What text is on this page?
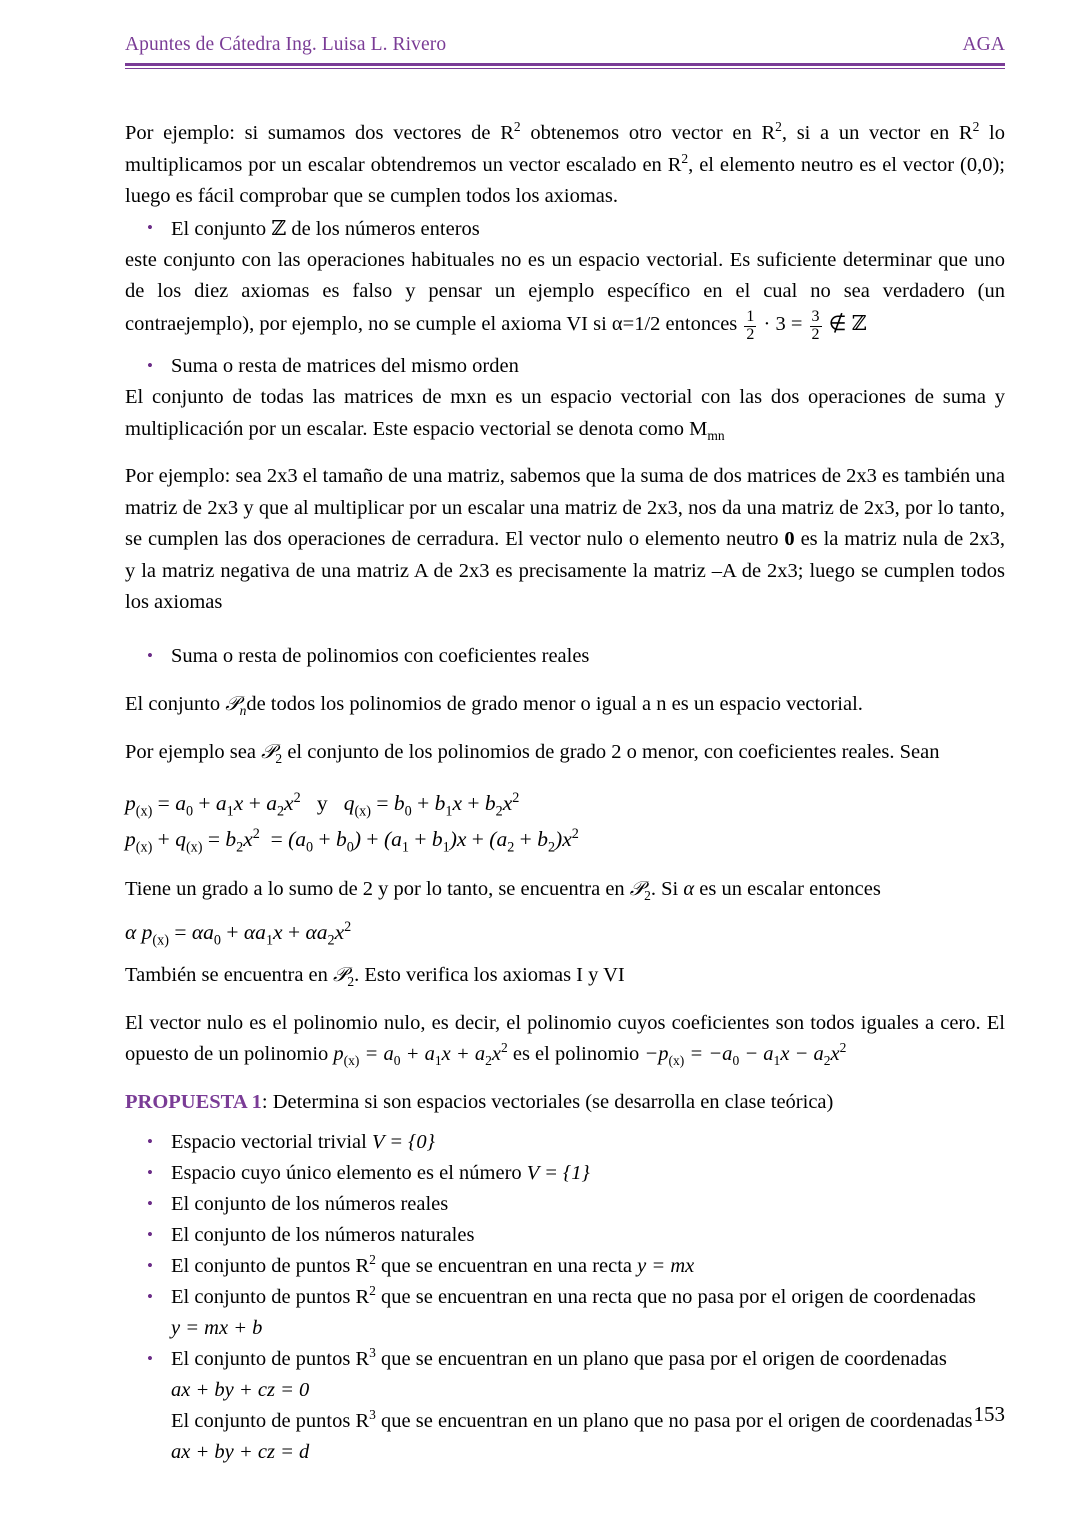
Apuntes de Cátedra Ing. Luisa L. Rivero	AGA
Por ejemplo: si sumamos dos vectores de $R^2$ obtenemos otro vector en $R^2$, si a un vector en $R^2$ lo multiplicamos por un escalar obtendremos un vector escalado en $R^2$, el elemento neutro es el vector (0,0); luego es fácil comprobar que se cumplen todos los axiomas.
• El conjunto ℤ de los números enteros
este conjunto con las operaciones habituales no es un espacio vectorial. Es suficiente determinar que uno de los diez axiomas es falso y pensar un ejemplo específico en el cual no sea verdadero (un contraejemplo), por ejemplo, no se cumple el axioma VI si α=1/2 entonces $\frac{1}{2} \cdot 3 = \frac{3}{2}$ ∉ ℤ
• Suma o resta de matrices del mismo orden
El conjunto de todas las matrices de mxn es un espacio vectorial con las dos operaciones de suma y multiplicación por un escalar. Este espacio vectorial se denota como $M_{mn}$
Por ejemplo: sea 2x3 el tamaño de una matriz, sabemos que la suma de dos matrices de 2x3 es también una matriz de 2x3 y que al multiplicar por un escalar una matriz de 2x3, nos da una matriz de 2x3, por lo tanto, se cumplen las dos operaciones de cerradura. El vector nulo o elemento neutro 0 es la matriz nula de 2x3, y la matriz negativa de una matriz A de 2x3 es precisamente la matriz –A de 2x3; luego se cumplen todos los axiomas
• Suma o resta de polinomios con coeficientes reales
El conjunto 𝒫$_n$de todos los polinomios de grado menor o igual a n es un espacio vectorial.
Por ejemplo sea 𝒫$_2$ el conjunto de los polinomios de grado 2 o menor, con coeficientes reales. Sean
$p_{(x)} = a_0 + a_1x + a_2x^2$ y   $q_{(x)} = b_0 + b_1x + b_2x^2$
$p_{(x)} + q_{(x)} = b_2x^2 = (a_0 + b_0) + (a_1 + b_1)x + (a_2 + b_2)x^2$
Tiene un grado a lo sumo de 2 y por lo tanto, se encuentra en 𝒫$_2$. Si α es un escalar entonces
α $p_{(x)} = \alpha a_0 + \alpha a_1x + \alpha a_2x^2$
También se encuentra en 𝒫$_2$. Esto verifica los axiomas I y VI
El vector nulo es el polinomio nulo, es decir, el polinomio cuyos coeficientes son todos iguales a cero. El opuesto de un polinomio $p_{(x)} = a_0 + a_1x + a_2x^2$ es el polinomio $-p_{(x)} = -a_0 - a_1x - a_2x^2$
PROPUESTA 1: Determina si son espacios vectoriales (se desarrolla en clase teórica)
• Espacio vectorial trivial V = {0}
• Espacio cuyo único elemento es el número V = {1}
• El conjunto de los números reales
• El conjunto de los números naturales
• El conjunto de puntos $R^2$ que se encuentran en una recta y = mx
• El conjunto de puntos $R^2$ que se encuentran en una recta que no pasa por el origen de coordenadas
y = mx + b
• El conjunto de puntos $R^3$ que se encuentran en un plano que pasa por el origen de coordenadas
ax + by + cz = 0
El conjunto de puntos $R^3$ que se encuentran en un plano que no pasa por el origen de coordenadas
ax + by + cz = d
153
